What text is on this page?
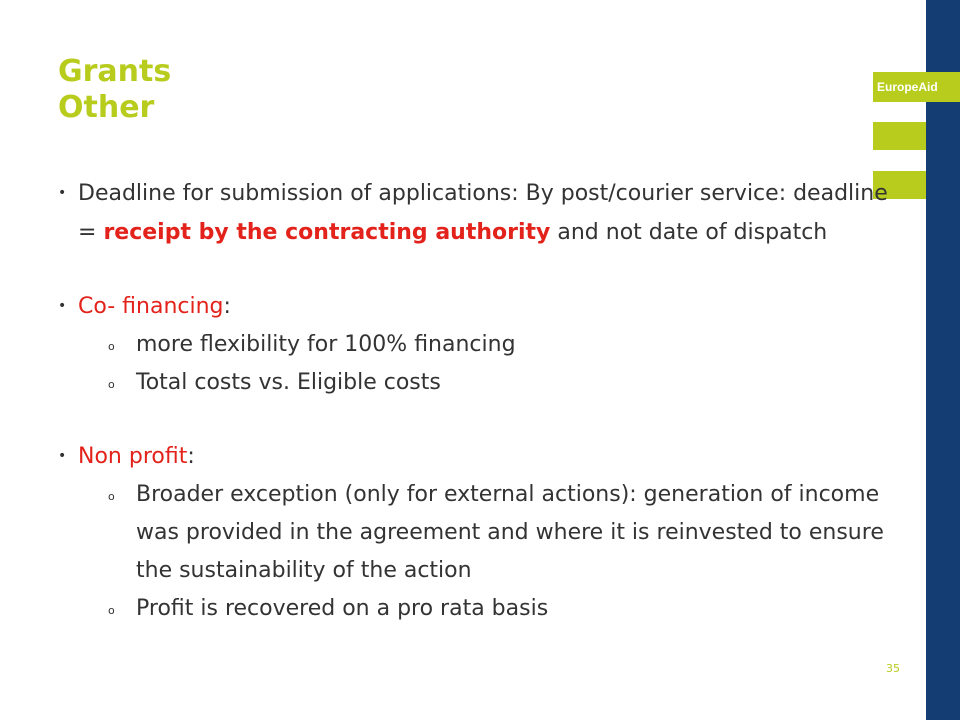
EuropeAid
Grants
Other
• Deadline for submission of applications: By post/courier service: deadline = receipt by the contracting authority and not date of dispatch
• Co- financing:
o more flexibility for 100% financing
o Total costs vs. Eligible costs
• Non profit:
o Broader exception (only for external actions): generation of income was provided in the agreement and where it is reinvested to ensure the sustainability of the action
o Profit is recovered on a pro rata basis
35
